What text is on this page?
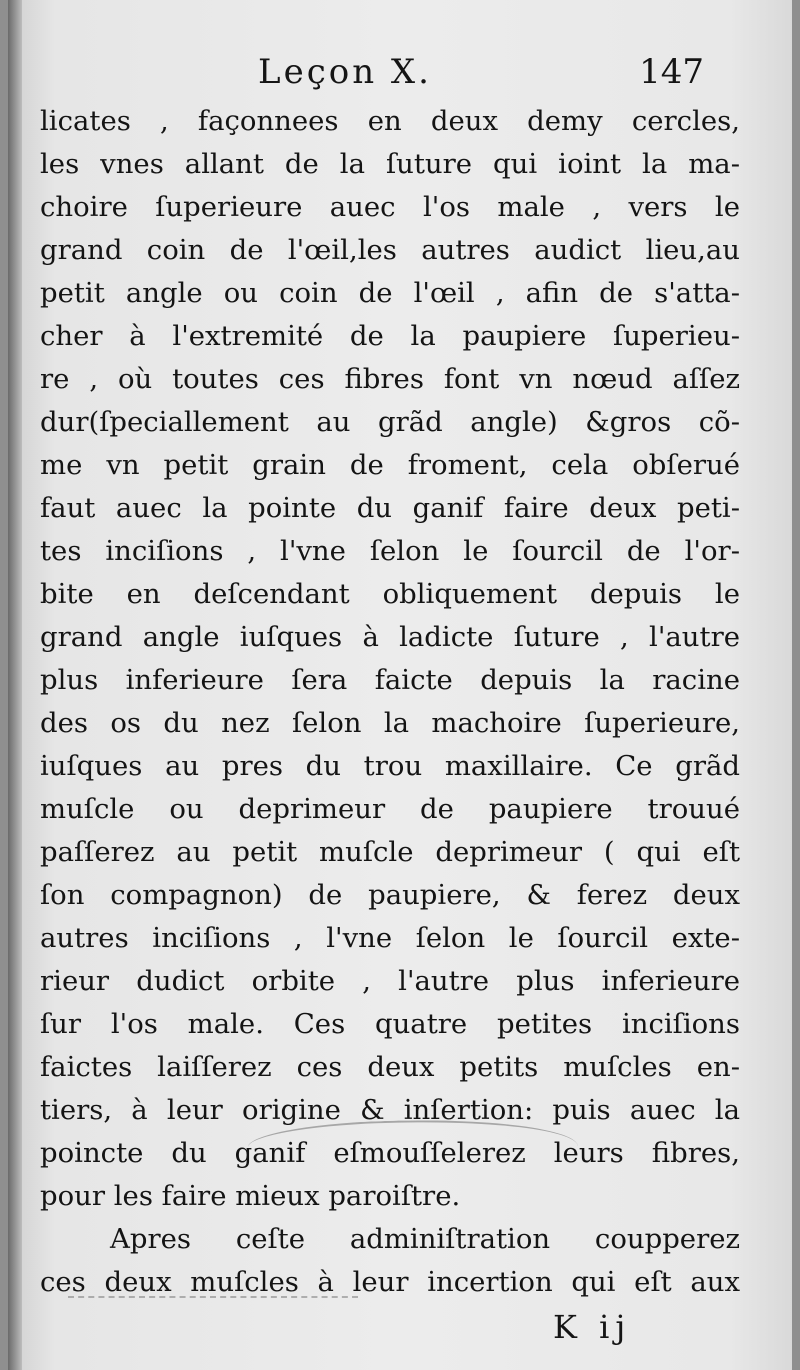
Leçon X.	147
licates , façonnees en deux demy cercles,
les vnes allant de la ſuture qui ioint la ma-
choire ſuperieure auec l'os male , vers le
grand coin de l'œil,les autres audict lieu,au
petit angle ou coin de l'œil , afin de s'atta-
cher à l'extremité de la paupiere ſuperieu-
re , où toutes ces fibres font vn nœud aſſez
dur(ſpeciallement au grãd angle) &gros cõ-
me vn petit grain de froment, cela obſerué
faut auec la pointe du ganif faire deux peti-
tes inciſions , l'vne ſelon le ſourcil de l'or-
bite en deſcendant obliquement depuis le
grand angle iuſques à ladicte ſuture , l'autre
plus inferieure ſera faicte depuis la racine
des os du nez ſelon la machoire ſuperieure,
iuſques au pres du trou maxillaire. Ce grãd
muſcle ou deprimeur de paupiere trouué
paſſerez au petit muſcle deprimeur ( qui eſt
ſon compagnon) de paupiere, & ferez deux
autres inciſions , l'vne ſelon le ſourcil exte-
rieur dudict orbite , l'autre plus inferieure
ſur l'os male. Ces quatre petites inciſions
faictes laiſſerez ces deux petits muſcles en-
tiers, à leur origine & inſertion: puis auec la
poincte du ganif eſmouſſelerez leurs fibres,
pour les faire mieux paroiſtre.
Apres ceſte adminiſtration coupperez
ces deux muſcles à leur incertion qui eſt aux
K ij
